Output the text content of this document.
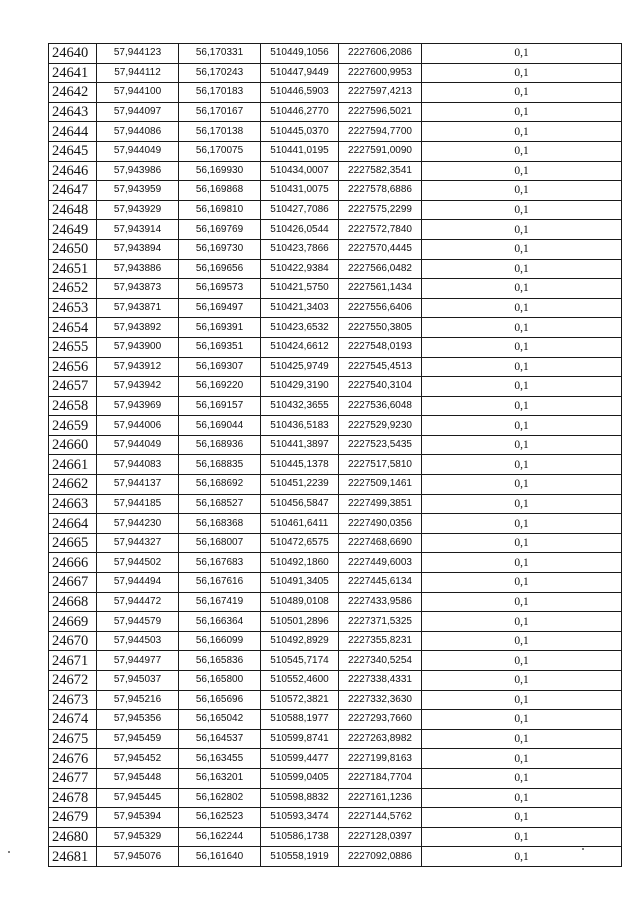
24640	57,944123	56,170331	510449,1056	2227606,2086	0,1
24641	57,944112	56,170243	510447,9449	2227600,9953	0,1
24642	57,944100	56,170183	510446,5903	2227597,4213	0,1
24643	57,944097	56,170167	510446,2770	2227596,5021	0,1
24644	57,944086	56,170138	510445,0370	2227594,7700	0,1
24645	57,944049	56,170075	510441,0195	2227591,0090	0,1
24646	57,943986	56,169930	510434,0007	2227582,3541	0,1
24647	57,943959	56,169868	510431,0075	2227578,6886	0,1
24648	57,943929	56,169810	510427,7086	2227575,2299	0,1
24649	57,943914	56,169769	510426,0544	2227572,7840	0,1
24650	57,943894	56,169730	510423,7866	2227570,4445	0,1
24651	57,943886	56,169656	510422,9384	2227566,0482	0,1
24652	57,943873	56,169573	510421,5750	2227561,1434	0,1
24653	57,943871	56,169497	510421,3403	2227556,6406	0,1
24654	57,943892	56,169391	510423,6532	2227550,3805	0,1
24655	57,943900	56,169351	510424,6612	2227548,0193	0,1
24656	57,943912	56,169307	510425,9749	2227545,4513	0,1
24657	57,943942	56,169220	510429,3190	2227540,3104	0,1
24658	57,943969	56,169157	510432,3655	2227536,6048	0,1
24659	57,944006	56,169044	510436,5183	2227529,9230	0,1
24660	57,944049	56,168936	510441,3897	2227523,5435	0,1
24661	57,944083	56,168835	510445,1378	2227517,5810	0,1
24662	57,944137	56,168692	510451,2239	2227509,1461	0,1
24663	57,944185	56,168527	510456,5847	2227499,3851	0,1
24664	57,944230	56,168368	510461,6411	2227490,0356	0,1
24665	57,944327	56,168007	510472,6575	2227468,6690	0,1
24666	57,944502	56,167683	510492,1860	2227449,6003	0,1
24667	57,944494	56,167616	510491,3405	2227445,6134	0,1
24668	57,944472	56,167419	510489,0108	2227433,9586	0,1
24669	57,944579	56,166364	510501,2896	2227371,5325	0,1
24670	57,944503	56,166099	510492,8929	2227355,8231	0,1
24671	57,944977	56,165836	510545,7174	2227340,5254	0,1
24672	57,945037	56,165800	510552,4600	2227338,4331	0,1
24673	57,945216	56,165696	510572,3821	2227332,3630	0,1
24674	57,945356	56,165042	510588,1977	2227293,7660	0,1
24675	57,945459	56,164537	510599,8741	2227263,8982	0,1
24676	57,945452	56,163455	510599,4477	2227199,8163	0,1
24677	57,945448	56,163201	510599,0405	2227184,7704	0,1
24678	57,945445	56,162802	510598,8832	2227161,1236	0,1
24679	57,945394	56,162523	510593,3474	2227144,5762	0,1
24680	57,945329	56,162244	510586,1738	2227128,0397	0,1
24681	57,945076	56,161640	510558,1919	2227092,0886	0,1
